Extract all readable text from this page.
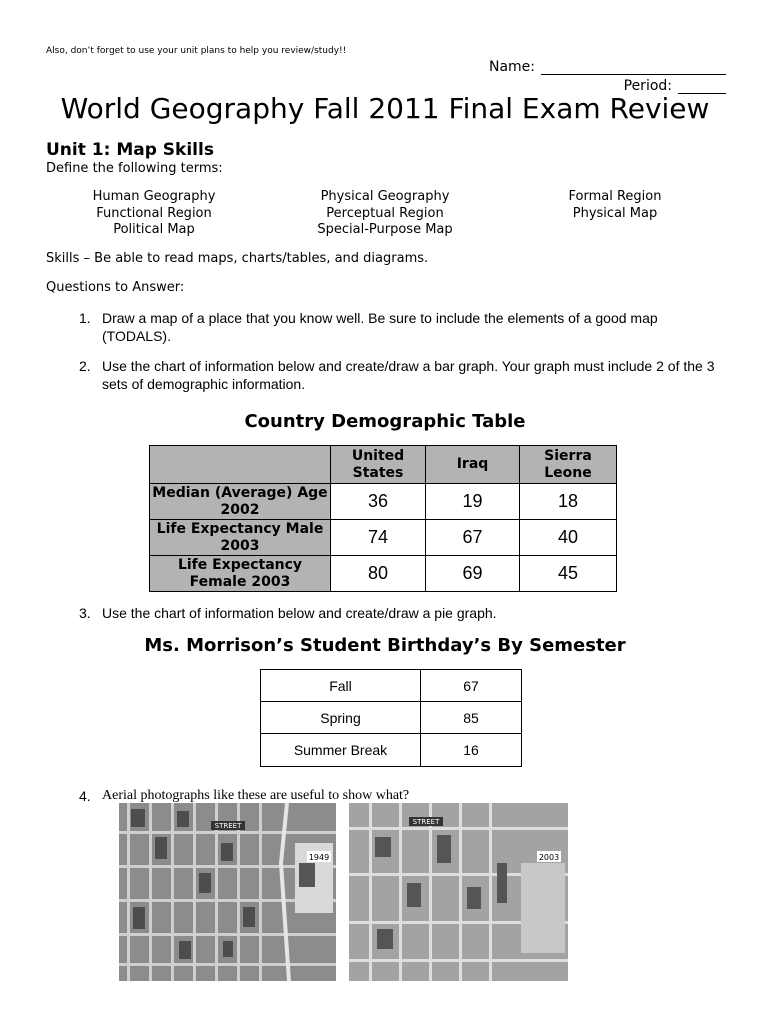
Also, don’t forget to use your unit plans to help you review/study!!
Name:
Period:
World Geography Fall 2011 Final Exam Review
Unit 1: Map Skills
Define the following terms:
Human Geography
Functional Region
Political Map
Physical Geography
Perceptual Region
Special-Purpose Map
Formal Region
Physical Map
Skills – Be able to read maps, charts/tables, and diagrams.
Questions to Answer:
1. Draw a map of a place that you know well. Be sure to include the elements of a good map (TODALS).
2. Use the chart of information below and create/draw a bar graph. Your graph must include 2 of the 3 sets of demographic information.
Country Demographic Table
	United States	Iraq	Sierra Leone
Median (Average) Age 2002	36	19	18
Life Expectancy Male 2003	74	67	40
Life Expectancy Female 2003	80	69	45
3. Use the chart of information below and create/draw a pie graph.
Ms. Morrison’s Student Birthday’s By Semester
Fall	67
Spring	85
Summer Break	16
4. Aerial photographs like these are useful to show what?
STREET
1949
STREET
2003
